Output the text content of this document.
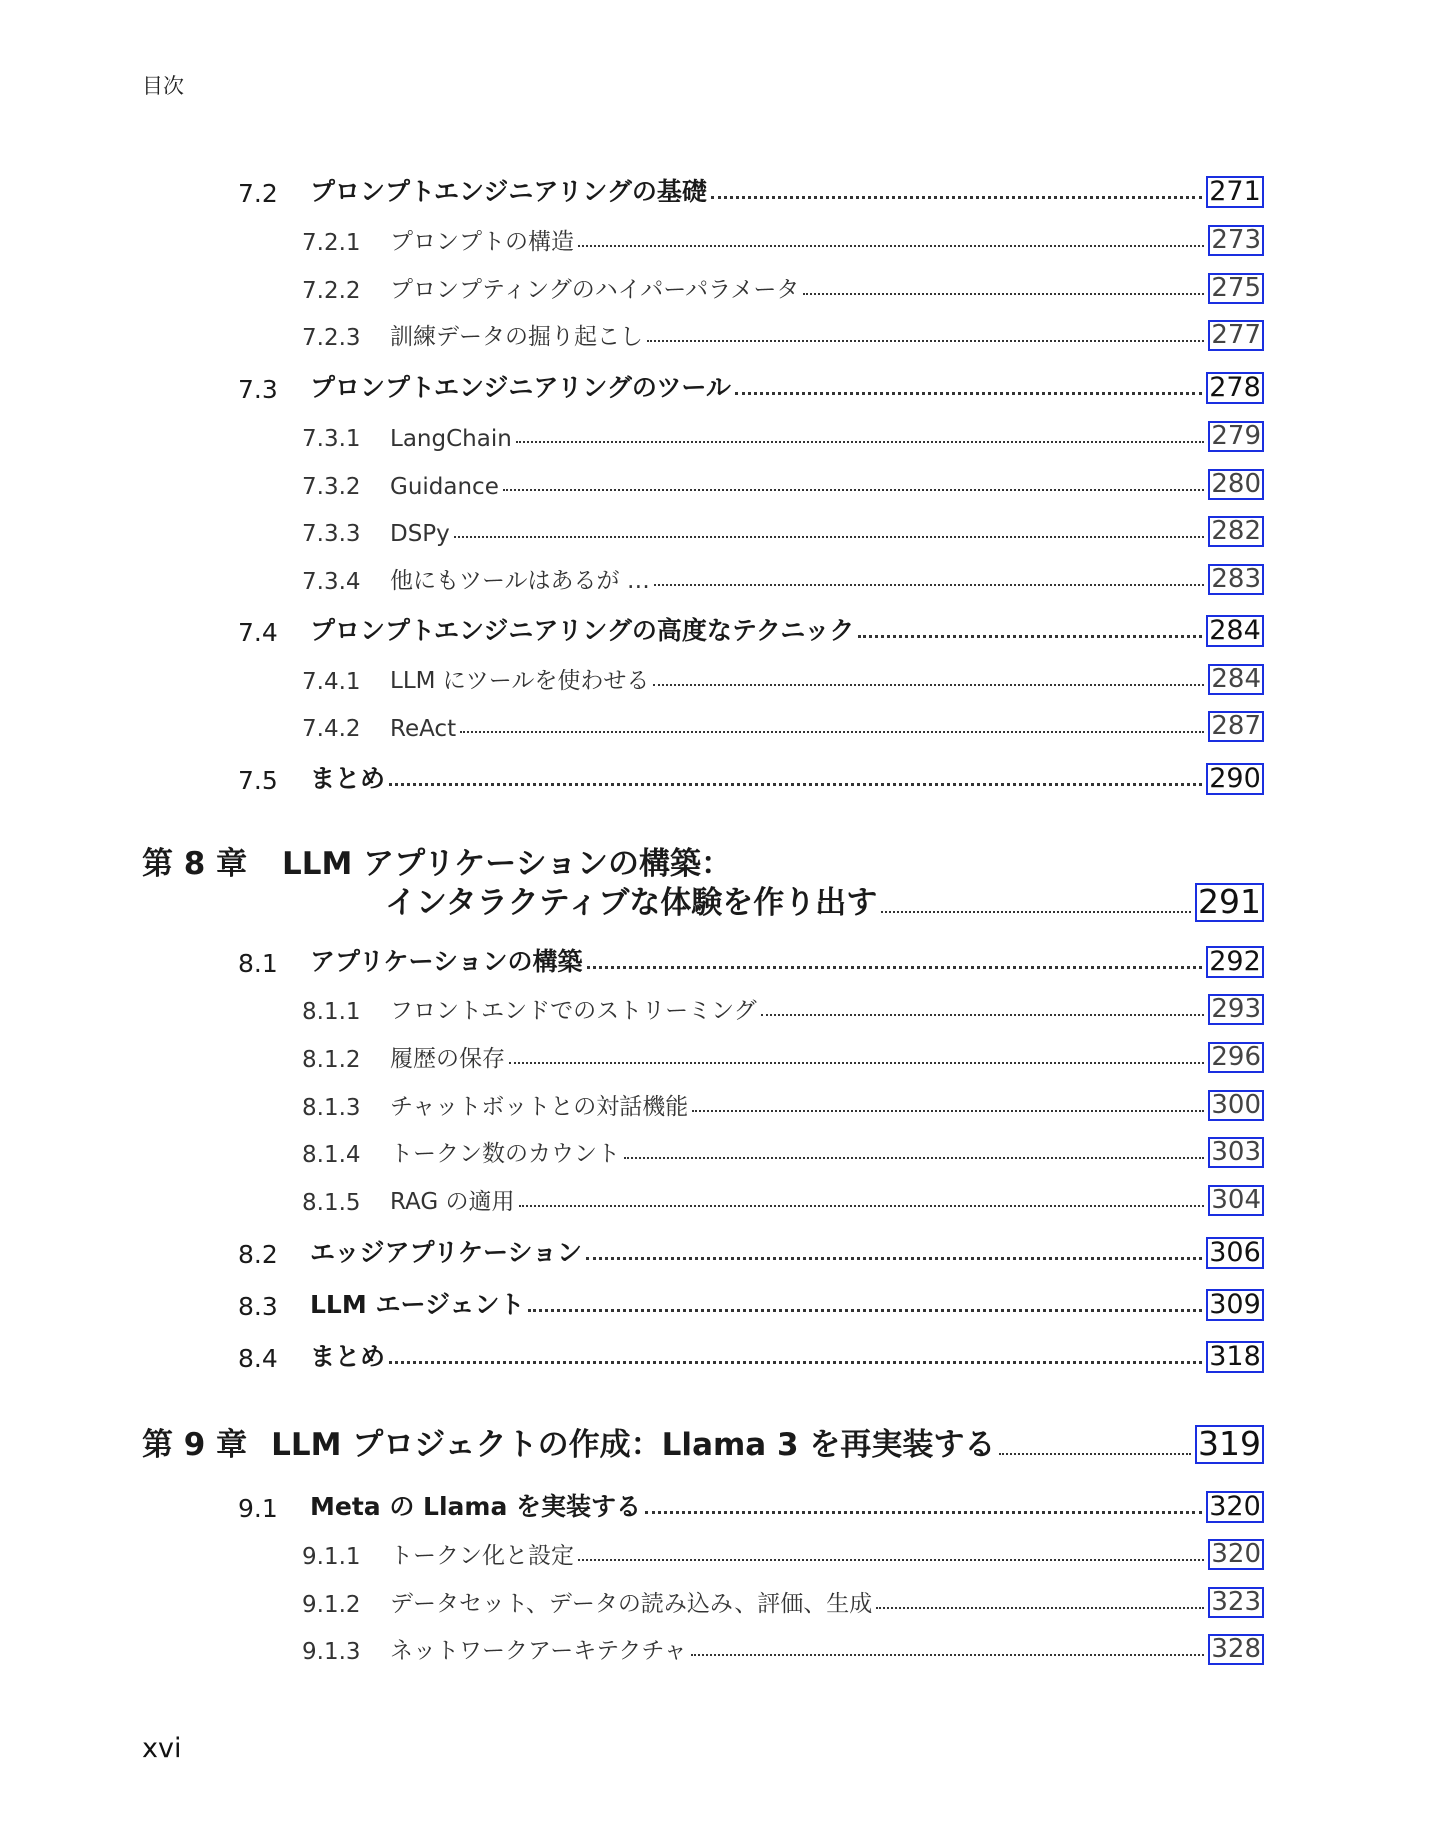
目次
7.2	プロンプトエンジニアリングの基礎	271
7.2.1	プロンプトの構造	273
7.2.2	プロンプティングのハイパーパラメータ	275
7.2.3	訓練データの掘り起こし	277
7.3	プロンプトエンジニアリングのツール	278
7.3.1	LangChain	279
7.3.2	Guidance	280
7.3.3	DSPy	282
7.3.4	他にもツールはあるが …	283
7.4	プロンプトエンジニアリングの高度なテクニック	284
7.4.1	LLM にツールを使わせる	284
7.4.2	ReAct	287
7.5	まとめ	290
第 8 章 LLM アプリケーションの構築：
インタラクティブな体験を作り出す	291
8.1	アプリケーションの構築	292
8.1.1	フロントエンドでのストリーミング	293
8.1.2	履歴の保存	296
8.1.3	チャットボットとの対話機能	300
8.1.4	トークン数のカウント	303
8.1.5	RAG の適用	304
8.2	エッジアプリケーション	306
8.3	LLM エージェント	309
8.4	まとめ	318
第 9 章 LLM プロジェクトの作成：Llama 3 を再実装する	319
9.1	Meta の Llama を実装する	320
9.1.1	トークン化と設定	320
9.1.2	データセット、データの読み込み、評価、生成	323
9.1.3	ネットワークアーキテクチャ	328
xvi
